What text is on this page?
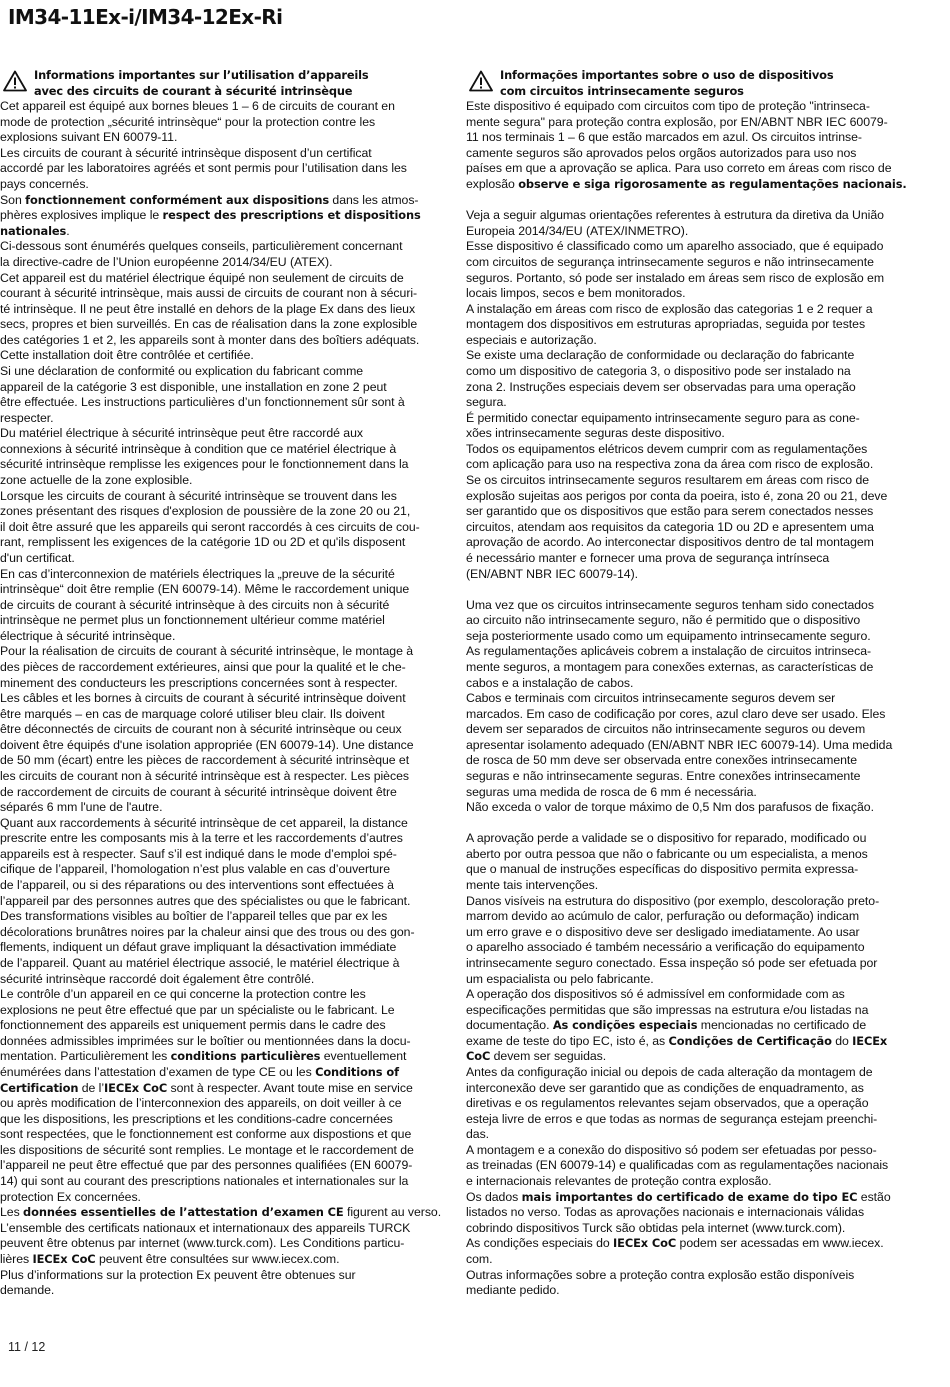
IM34-11Ex-i/IM34-12Ex-Ri
Informations importantes sur l’utilisation d’appareils
avec des circuits de courant à sécurité intrinsèque

Cet appareil est équipé aux bornes bleues 1 – 6 de circuits de courant en

mode de protection „sécurité intrinsèque“ pour la protection contre les

explosions suivant EN 60079-11.

Les circuits de courant à sécurité intrinsèque disposent d’un certificat

accordé par les laboratoires agréés et sont permis pour l’utilisation dans les

pays concernés.

Son fonctionnement conformément aux dispositions dans les atmos-

phères explosives implique le respect des prescriptions et dispositions

nationales.

Ci-dessous sont énumérés quelques conseils, particulièrement concernant

la directive-cadre de l’Union européenne 2014/34/EU (ATEX).

Cet appareil est du matériel électrique équipé non seulement de circuits de

courant à sécurité intrinsèque, mais aussi de circuits de courant non à sécuri-

té intrinsèque. Il ne peut être installé en dehors de la plage Ex dans des lieux

secs, propres et bien surveillés. En cas de réalisation dans la zone explosible

des catégories 1 et 2, les appareils sont à monter dans des boîtiers adéquats.

Cette installation doit être contrôlée et certifiée.

Si une déclaration de conformité ou explication du fabricant comme

appareil de la catégorie 3 est disponible, une installation en zone 2 peut

être effectuée. Les instructions particulières d’un fonctionnement sûr sont à

respecter.

Du matériel électrique à sécurité intrinsèque peut être raccordé aux

connexions à sécurité intrinsèque à condition que ce matériel électrique à

sécurité intrinsèque remplisse les exigences pour le fonctionnement dans la

zone actuelle de la zone explosible.

Lorsque les circuits de courant à sécurité intrinsèque se trouvent dans les

zones présentant des risques d'explosion de poussière de la zone 20 ou 21,

il doit être assuré que les appareils qui seront raccordés à ces circuits de cou-

rant, remplissent les exigences de la catégorie 1D ou 2D et qu'ils disposent

d'un certificat.

En cas d’interconnexion de matériels électriques la „preuve de la sécurité

intrinsèque“ doit être remplie (EN 60079-14). Même le raccordement unique

de circuits de courant à sécurité intrinsèque à des circuits non à sécurité

intrinsèque ne permet plus un fonctionnement ultérieur comme matériel

électrique à sécurité intrinsèque.

Pour la réalisation de circuits de courant à sécurité intrinsèque, le montage à

des pièces de raccordement extérieures, ainsi que pour la qualité et le che-

minement des conducteurs les prescriptions concernées sont à respecter.

Les câbles et les bornes à circuits de courant à sécurité intrinsèque doivent

être marqués – en cas de marquage coloré utiliser bleu clair. Ils doivent

être déconnectés de circuits de courant non à sécurité intrinsèque ou ceux

doivent être équipés d'une isolation appropriée (EN 60079-14). Une distance

de 50 mm (écart) entre les pièces de raccordement à sécurité intrinsèque et

les circuits de courant non à sécurité intrinsèque est à respecter. Les pièces

de raccordement de circuits de courant à sécurité intrinsèque doivent être

séparés 6 mm l'une de l'autre.

Quant aux raccordements à sécurité intrinsèque de cet appareil, la distance

prescrite entre les composants mis à la terre et les raccordements d’autres

appareils est à respecter. Sauf s’il est indiqué dans le mode d’emploi spé-

cifique de l’appareil, l’homologation n’est plus valable en cas d’ouverture

de l’appareil, ou si des réparations ou des interventions sont effectuées à

l’appareil par des personnes autres que des spécialistes ou que le fabricant.

Des transformations visibles au boîtier de l’appareil telles que par ex les

décolorations brunâtres noires par la chaleur ainsi que des trous ou des gon-

flements, indiquent un défaut grave impliquant la désactivation immédiate

de l’appareil. Quant au matériel électrique associé, le matériel électrique à

sécurité intrinsèque raccordé doit également être contrôlé.

Le contrôle d’un appareil en ce qui concerne la protection contre les

explosions ne peut être effectué que par un spécialiste ou le fabricant. Le

fonctionnement des appareils est uniquement permis dans le cadre des

données admissibles imprimées sur le boîtier ou mentionnées dans la docu-

mentation. Particulièrement les conditions particulières eventuellement

énumérées dans l’attestation d’examen de type CE ou les Conditions of

Certification de l’IECEx CoC sont à respecter. Avant toute mise en service

ou après modification de l’interconnexion des appareils, on doit veiller à ce

que les dispositions, les prescriptions et les conditions-cadre concernées

sont respectées, que le fonctionnement est conforme aux dispostions et que

les dispositions de sécurité sont remplies. Le montage et le raccordement de

l’appareil ne peut être effectué que par des personnes qualifiées (EN 60079-

14) qui sont au courant des prescriptions nationales et internationales sur la

protection Ex concernées.

Les données essentielles de l’attestation d’examen CE figurent au verso.

L’ensemble des certificats nationaux et internationaux des appareils TURCK

peuvent être obtenus par internet (www.turck.com). Les Conditions particu-

lières IECEx CoC peuvent être consultées sur www.iecex.com.

Plus d’informations sur la protection Ex peuvent être obtenues sur

demande.

Informações importantes sobre o uso de dispositivos
com circuitos intrinsecamente seguros

Este dispositivo é equipado com circuitos com tipo de proteção "intrinseca-

mente segura" para proteção contra explosão, por EN/ABNT NBR IEC 60079-

11 nos terminais 1 – 6 que estão marcados em azul. Os circuitos intrinse-

camente seguros são aprovados pelos orgãos autorizados para uso nos

países em que a aprovação se aplica. Para uso correto em áreas com risco de

explosão observe e siga rigorosamente as regulamentações nacionais.

Veja a seguir algumas orientações referentes à estrutura da diretiva da União

Europeia 2014/34/EU (ATEX/INMETRO).

Esse dispositivo é classificado como um aparelho associado, que é equipado

com circuitos de segurança intrinsecamente seguros e não intrinsecamente

seguros. Portanto, só pode ser instalado em áreas sem risco de explosão em

locais limpos, secos e bem monitorados.

A instalação em áreas com risco de explosão das categorias 1 e 2 requer a

montagem dos dispositivos em estruturas apropriadas, seguida por testes

especiais e autorização.

Se existe uma declaração de conformidade ou declaração do fabricante

como um dispositivo de categoria 3, o dispositivo pode ser instalado na

zona 2. Instruções especiais devem ser observadas para uma operação

segura.

É permitido conectar equipamento intrinsecamente seguro para as cone-

xões intrinsecamente seguras deste dispositivo.

Todos os equipamentos elétricos devem cumprir com as regulamentações

com aplicação para uso na respectiva zona da área com risco de explosão.

Se os circuitos intrinsecamente seguros resultarem em áreas com risco de

explosão sujeitas aos perigos por conta da poeira, isto é, zona 20 ou 21, deve

ser garantido que os dispositivos que estão para serem conectados nesses

circuitos, atendam aos requisitos da categoria 1D ou 2D e apresentem uma

aprovação de acordo. Ao interconectar dispositivos dentro de tal montagem

é necessário manter e fornecer uma prova de segurança intrínseca

(EN/ABNT NBR IEC 60079-14).

Uma vez que os circuitos intrinsecamente seguros tenham sido conectados

ao circuito não intrinsecamente seguro, não é permitido que o dispositivo

seja posteriormente usado como um equipamento intrinsecamente seguro.

As regulamentações aplicáveis cobrem a instalação de circuitos intrinseca-

mente seguros, a montagem para conexões externas, as características de

cabos e a instalação de cabos.

Cabos e terminais com circuitos intrinsecamente seguros devem ser

marcados. Em caso de codificação por cores, azul claro deve ser usado. Eles

devem ser separados de circuitos não intrinsecamente seguros ou devem

apresentar isolamento adequado (EN/ABNT NBR IEC 60079-14). Uma medida

de rosca de 50 mm deve ser observada entre conexões intrinsecamente

seguras e não intrinsecamente seguras. Entre conexões intrinsecamente

seguras uma medida de rosca de 6 mm é necessária.

Não exceda o valor de torque máximo de 0,5 Nm dos parafusos de fixação.

A aprovação perde a validade se o dispositivo for reparado, modificado ou

aberto por outra pessoa que não o fabricante ou um especialista, a menos

que o manual de instruções específicas do dispositivo permita expressa-

mente tais intervenções.

Danos visíveis na estrutura do dispositivo (por exemplo, descoloração preto-

marrom devido ao acúmulo de calor, perfuração ou deformação) indicam

um erro grave e o dispositivo deve ser desligado imediatamente. Ao usar

o aparelho associado é também necessário a verificação do equipamento

intrinsecamente seguro conectado. Essa inspeção só pode ser efetuada por

um espacialista ou pelo fabricante.

A operação dos dispositivos só é admissível em conformidade com as

especificações permitidas que são impressas na estrutura e/ou listadas na

documentação. As condições especiais mencionadas no certificado de

exame de teste do tipo EC, isto é, as Condições de Certificação do IECEx

CoC devem ser seguidas.

Antes da configuração inicial ou depois de cada alteração da montagem de

interconexão deve ser garantido que as condições de enquadramento, as

diretivas e os regulamentos relevantes sejam observados, que a operação

esteja livre de erros e que todas as normas de segurança estejam preenchi-

das.

A montagem e a conexão do dispositivo só podem ser efetuadas por pesso-

as treinadas (EN 60079-14) e qualificadas com as regulamentações nacionais

e internacionais relevantes de proteção contra explosão.

Os dados mais importantes do certificado de exame do tipo EC estão

listados no verso. Todas as aprovações nacionais e internacionais válidas

cobrindo dispositivos Turck são obtidas pela internet (www.turck.com).

As condições especiais do IECEx CoC podem ser acessadas em www.iecex.

com.

Outras informações sobre a proteção contra explosão estão disponíveis

mediante pedido.

11 / 12
